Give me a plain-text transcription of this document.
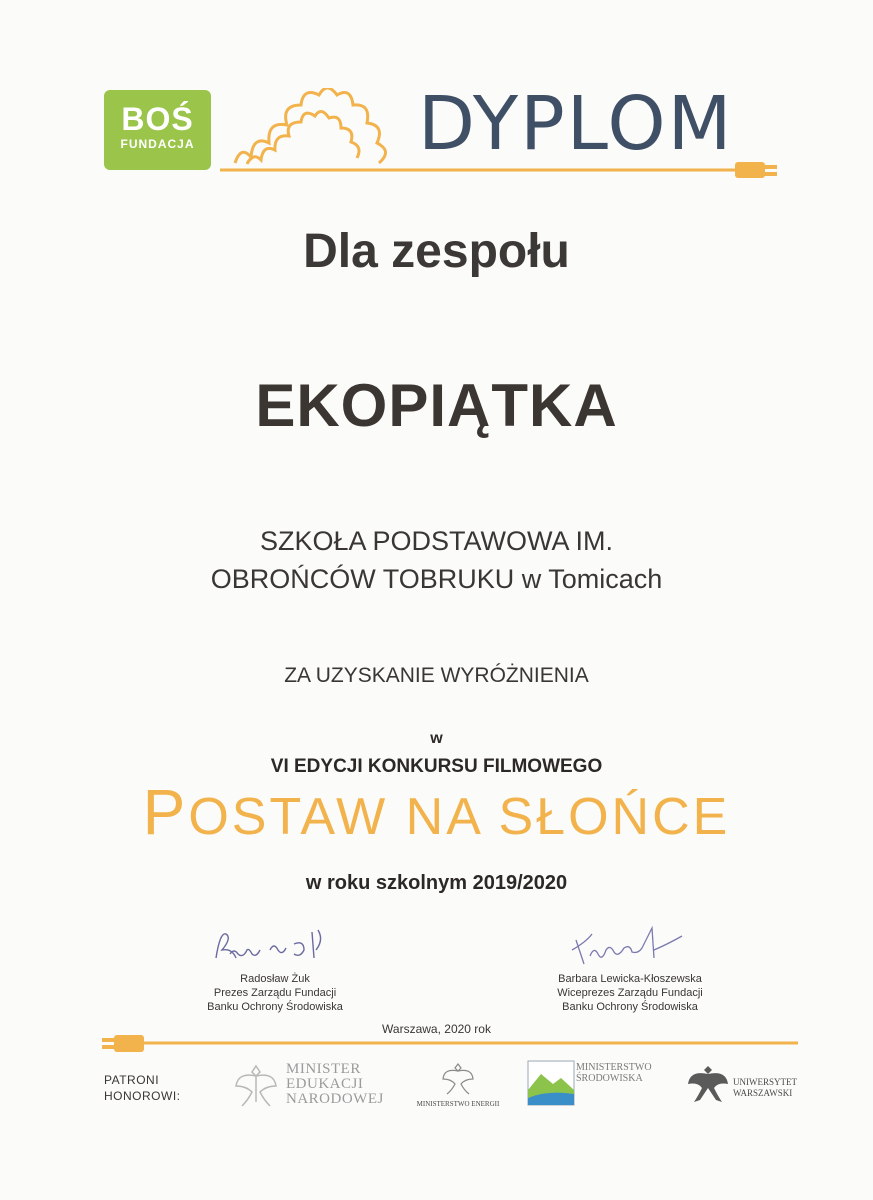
BOŚ
FUNDACJA	DYPLOM
Dla zespołu
EKOPIĄTKA
SZKOŁA PODSTAWOWA IM.
OBROŃCÓW TOBRUKU w Tomicach
ZA UZYSKANIE WYRÓŻNIENIA
w
VI EDYCJI KONKURSU FILMOWEGO
POSTAW NA SŁOŃCE
w roku szkolnym 2019/2020
Radosław Żuk
Prezes Zarządu Fundacji
Banku Ochrony Środowiska
Barbara Lewicka-Kłoszewska
Wiceprezes Zarządu Fundacji
Banku Ochrony Środowiska
Warszawa, 2020 rok
PATRONI
HONOROWI:
MINISTER
EDUKACJI
NARODOWEJ	MINISTERSTWO ENERGII
MINISTERSTWO
ŚRODOWISKA	UNIWERSYTET
WARSZAWSKI
